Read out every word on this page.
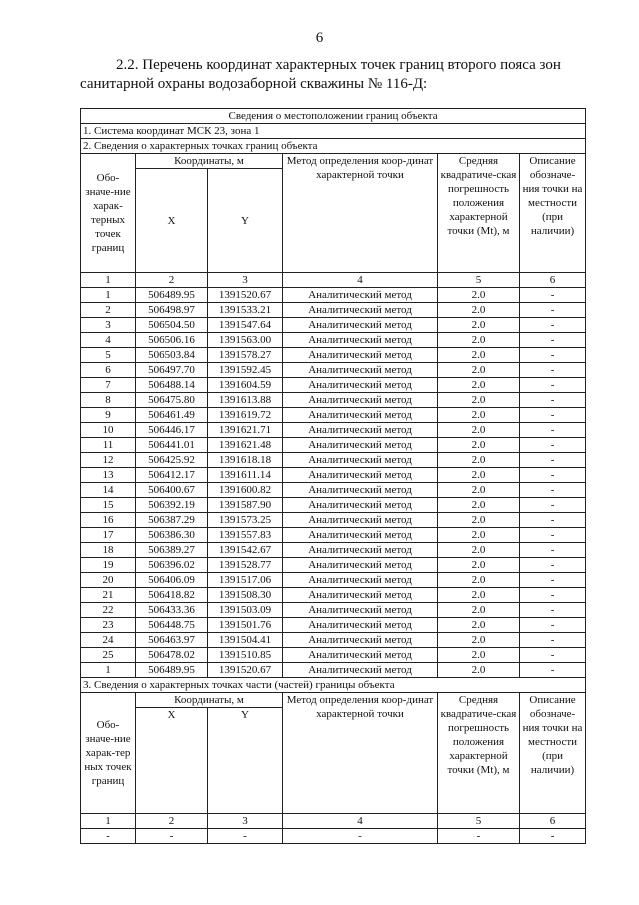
6
2.2. Перечень координат характерных точек границ второго пояса зон санитарной охраны водозаборной скважины № 116-Д:
Сведения о местоположении границ объекта					
1. Система координат МСК 23, зона 1					
2. Сведения о характерных точках границ объекта					
Обо-значе-ние харак-терных точек границ	Координаты, м		Метод определения коор-динат характерной точки	Средняя квадратиче-ская погрешность положения характерной точки (Mt), м	Описание обозначе-ния точки на местности (при наличии)
	X	Y			
1	2	3	4	5	6
1	506489.95	1391520.67	Аналитический метод	2.0	-
2	506498.97	1391533.21	Аналитический метод	2.0	-
3	506504.50	1391547.64	Аналитический метод	2.0	-
4	506506.16	1391563.00	Аналитический метод	2.0	-
5	506503.84	1391578.27	Аналитический метод	2.0	-
6	506497.70	1391592.45	Аналитический метод	2.0	-
7	506488.14	1391604.59	Аналитический метод	2.0	-
8	506475.80	1391613.88	Аналитический метод	2.0	-
9	506461.49	1391619.72	Аналитический метод	2.0	-
10	506446.17	1391621.71	Аналитический метод	2.0	-
11	506441.01	1391621.48	Аналитический метод	2.0	-
12	506425.92	1391618.18	Аналитический метод	2.0	-
13	506412.17	1391611.14	Аналитический метод	2.0	-
14	506400.67	1391600.82	Аналитический метод	2.0	-
15	506392.19	1391587.90	Аналитический метод	2.0	-
16	506387.29	1391573.25	Аналитический метод	2.0	-
17	506386.30	1391557.83	Аналитический метод	2.0	-
18	506389.27	1391542.67	Аналитический метод	2.0	-
19	506396.02	1391528.77	Аналитический метод	2.0	-
20	506406.09	1391517.06	Аналитический метод	2.0	-
21	506418.82	1391508.30	Аналитический метод	2.0	-
22	506433.36	1391503.09	Аналитический метод	2.0	-
23	506448.75	1391501.76	Аналитический метод	2.0	-
24	506463.97	1391504.41	Аналитический метод	2.0	-
25	506478.02	1391510.85	Аналитический метод	2.0	-
1	506489.95	1391520.67	Аналитический метод	2.0	-
3. Сведения о характерных точках части (частей) границы объекта					
Обо-значе-ние харак-тер ных точек границ	Координаты, м		Метод определения коор-динат характерной точки	Средняя квадратиче-ская погрешность положения характерной точки (Mt), м	Описание обозначе-ния точки на местности (при наличии)
	X	Y			
1	2	3	4	5	6
-	-	-	-	-	-
